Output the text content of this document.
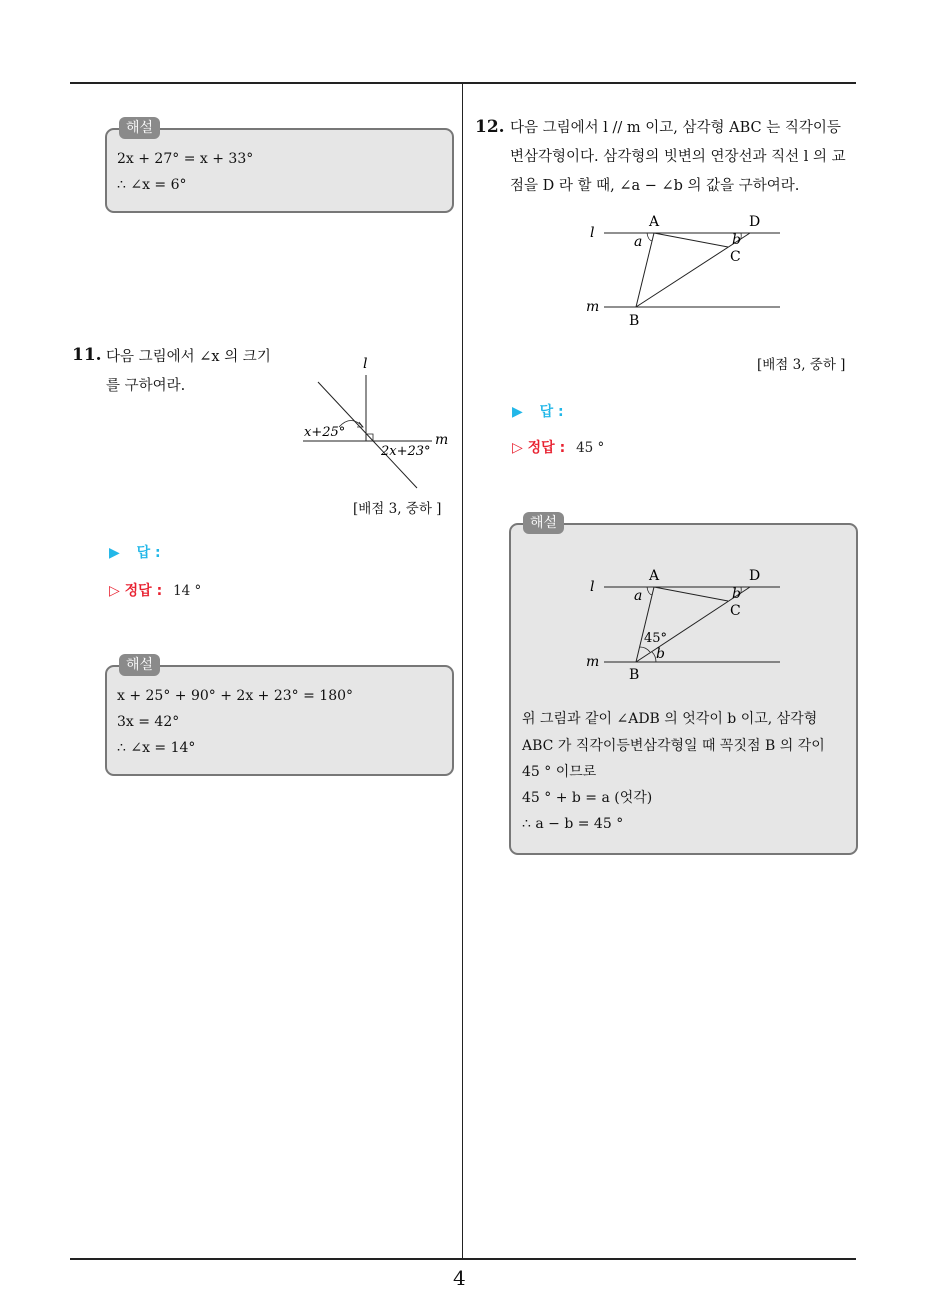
4
해설
2x + 27° = x + 33°
∴ ∠x = 6°
11. 다음 그림에서 ∠x 의 크기
를 구하여라.
l
m
x+25°
2x+23°
[배점 3, 중하 ]
▶ 답 :
▷ 정답 : 14 °
해설
x + 25° + 90° + 2x + 23° = 180°
3x = 42°
∴ ∠x = 14°
12. 다음 그림에서 l // m 이고, 삼각형 ABC 는 직각이등
변삼각형이다. 삼각형의 빗변의 연장선과 직선 l 의 교
점을 D 라 할 때, ∠a − ∠b 의 값을 구하여라.
l
m
A	D
C
B
a	b
[배점 3, 중하 ]
▶ 답 :
▷ 정답 : 45 °
해설
l
m
A	D
C
B
a	b
45°
b
위 그림과 같이 ∠ADB 의 엇각이 b 이고, 삼각형
ABC 가 직각이등변삼각형일 때 꼭짓점 B 의 각이
45 ° 이므로
45 ° + b = a (엇각)
∴ a − b = 45 °
